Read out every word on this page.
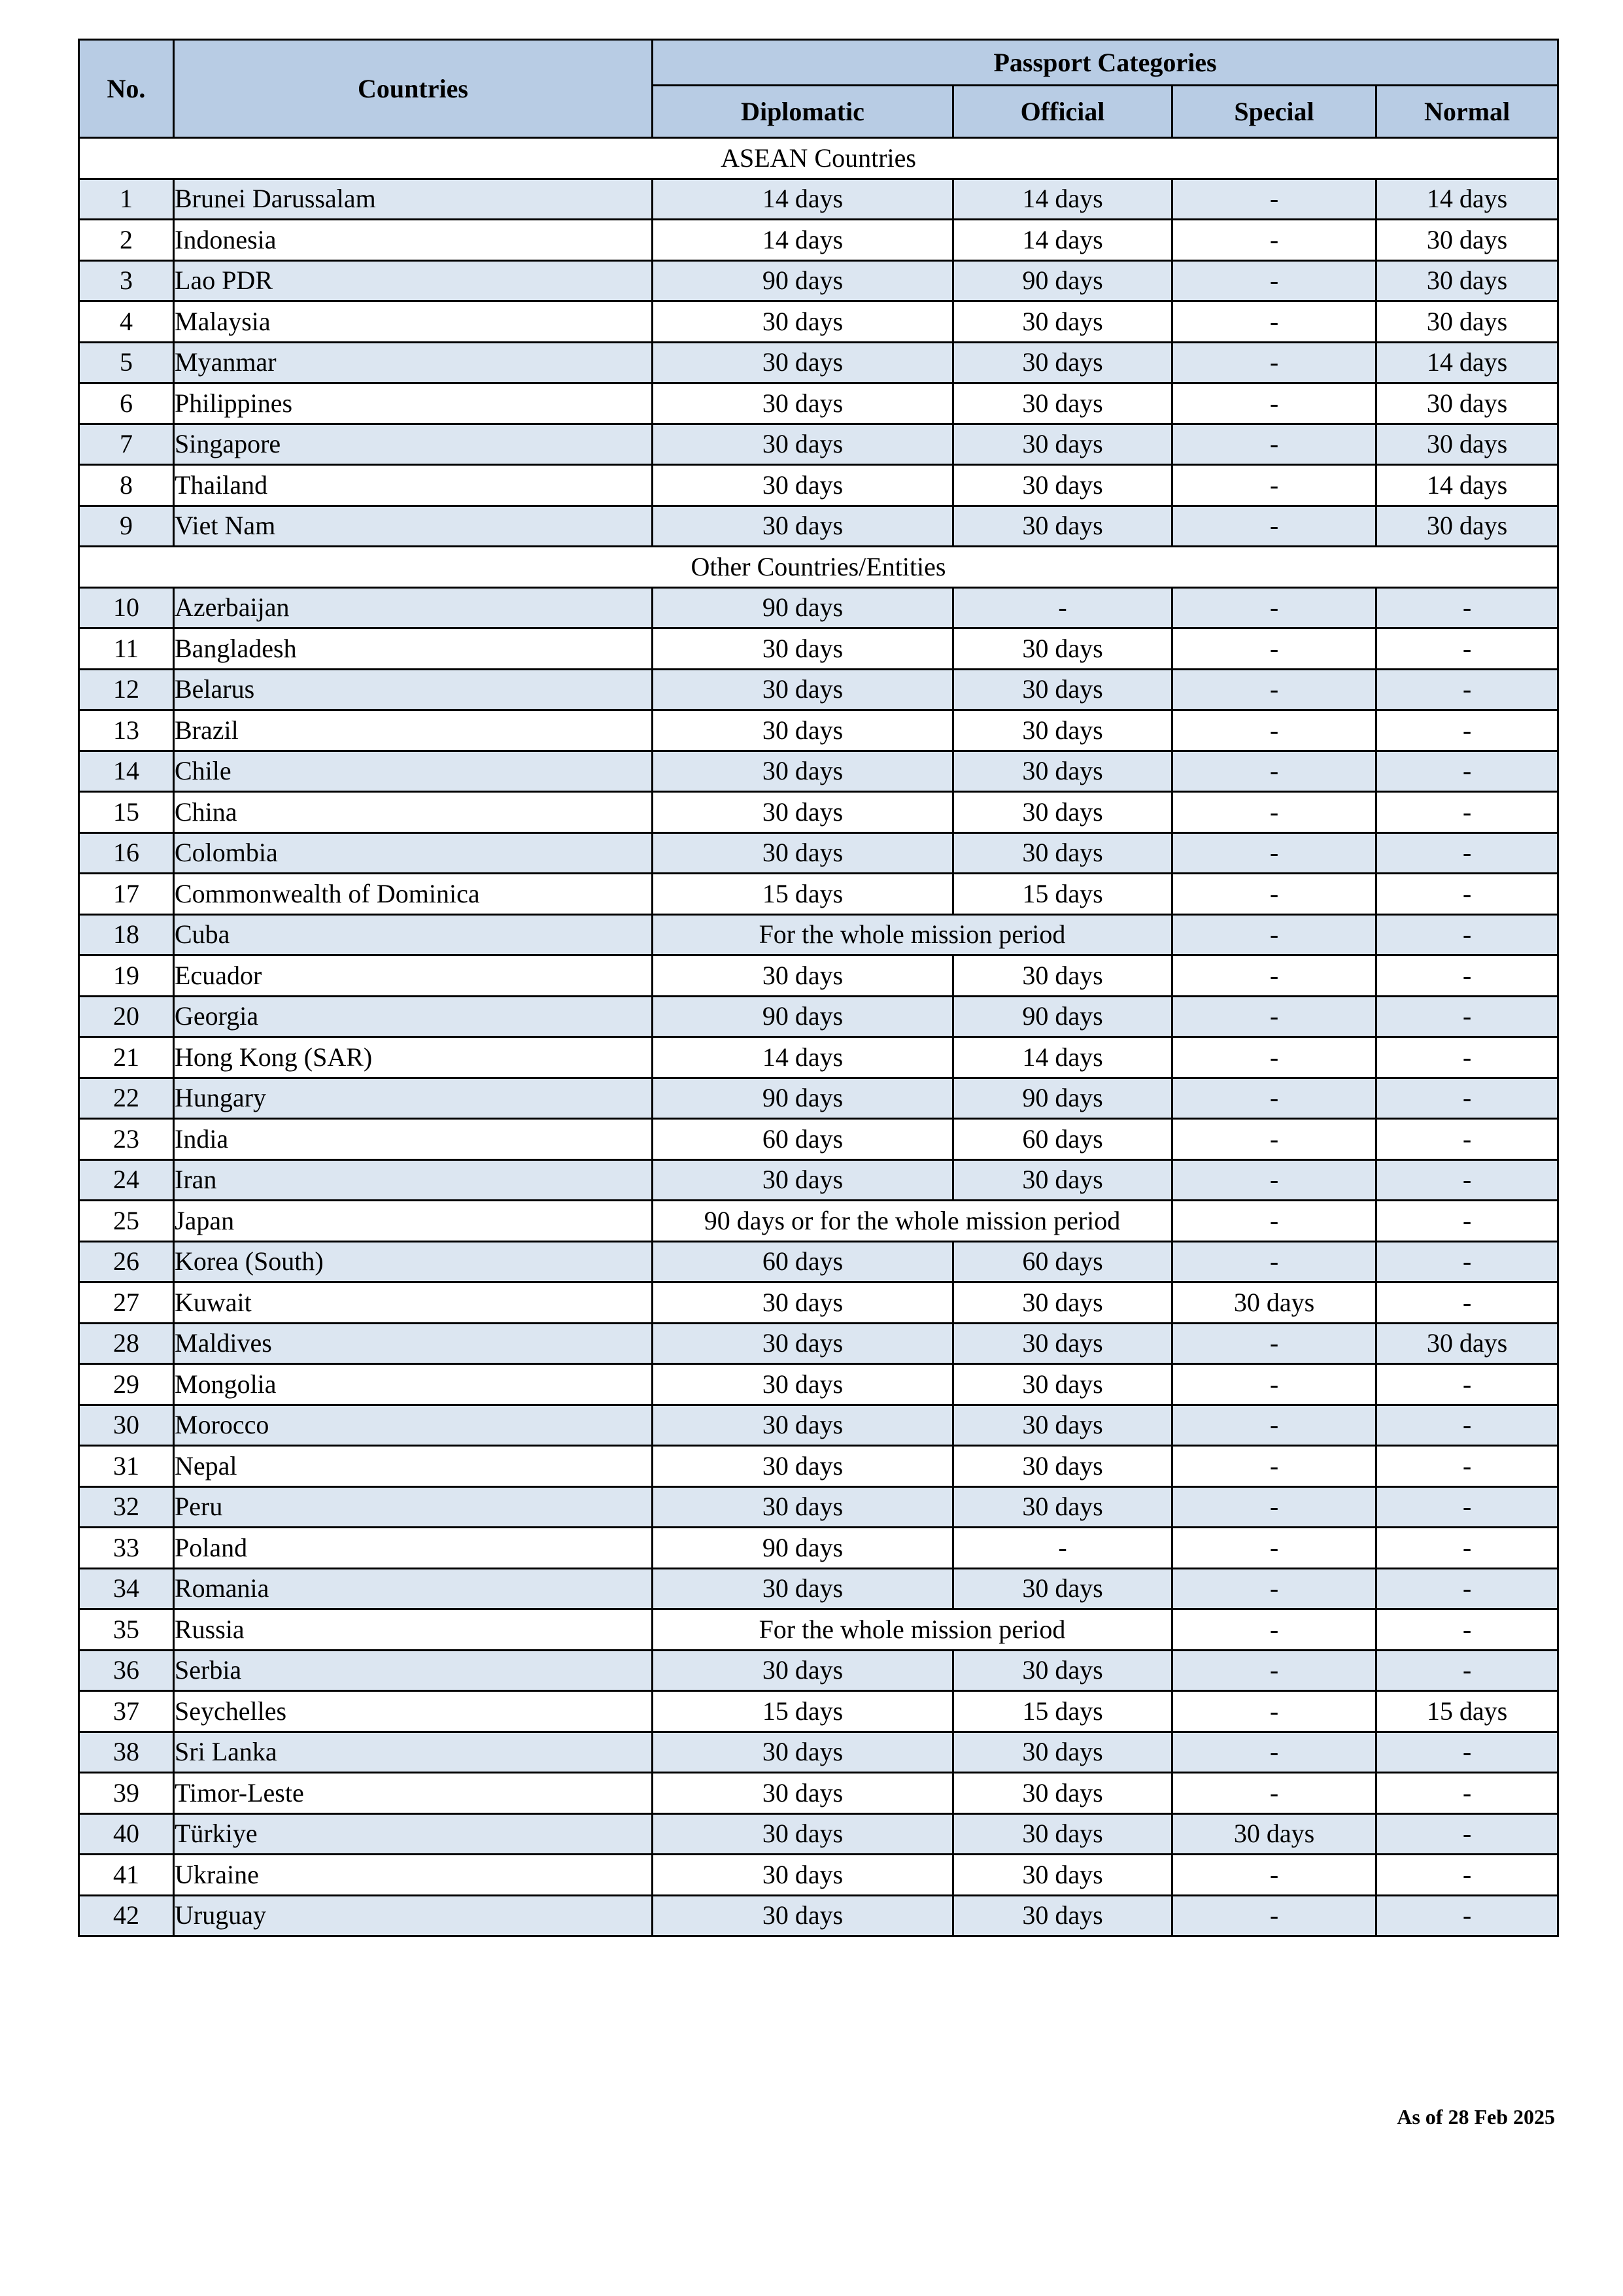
No.	Countries	Passport Categories			
		Diplomatic	Official	Special	Normal
ASEAN Countries					
1	Brunei Darussalam	14 days	14 days	-	14 days
2	Indonesia	14 days	14 days	-	30 days
3	Lao PDR	90 days	90 days	-	30 days
4	Malaysia	30 days	30 days	-	30 days
5	Myanmar	30 days	30 days	-	14 days
6	Philippines	30 days	30 days	-	30 days
7	Singapore	30 days	30 days	-	30 days
8	Thailand	30 days	30 days	-	14 days
9	Viet Nam	30 days	30 days	-	30 days
Other Countries/Entities					
10	Azerbaijan	90 days	-	-	-
11	Bangladesh	30 days	30 days	-	-
12	Belarus	30 days	30 days	-	-
13	Brazil	30 days	30 days	-	-
14	Chile	30 days	30 days	-	-
15	China	30 days	30 days	-	-
16	Colombia	30 days	30 days	-	-
17	Commonwealth of Dominica	15 days	15 days	-	-
18	Cuba	For the whole mission period		-	-
19	Ecuador	30 days	30 days	-	-
20	Georgia	90 days	90 days	-	-
21	Hong Kong (SAR)	14 days	14 days	-	-
22	Hungary	90 days	90 days	-	-
23	India	60 days	60 days	-	-
24	Iran	30 days	30 days	-	-
25	Japan	90 days or for the whole mission period		-	-
26	Korea (South)	60 days	60 days	-	-
27	Kuwait	30 days	30 days	30 days	-
28	Maldives	30 days	30 days	-	30 days
29	Mongolia	30 days	30 days	-	-
30	Morocco	30 days	30 days	-	-
31	Nepal	30 days	30 days	-	-
32	Peru	30 days	30 days	-	-
33	Poland	90 days	-	-	-
34	Romania	30 days	30 days	-	-
35	Russia	For the whole mission period		-	-
36	Serbia	30 days	30 days	-	-
37	Seychelles	15 days	15 days	-	15 days
38	Sri Lanka	30 days	30 days	-	-
39	Timor-Leste	30 days	30 days	-	-
40	Türkiye	30 days	30 days	30 days	-
41	Ukraine	30 days	30 days	-	-
42	Uruguay	30 days	30 days	-	-
As of 28 Feb 2025
